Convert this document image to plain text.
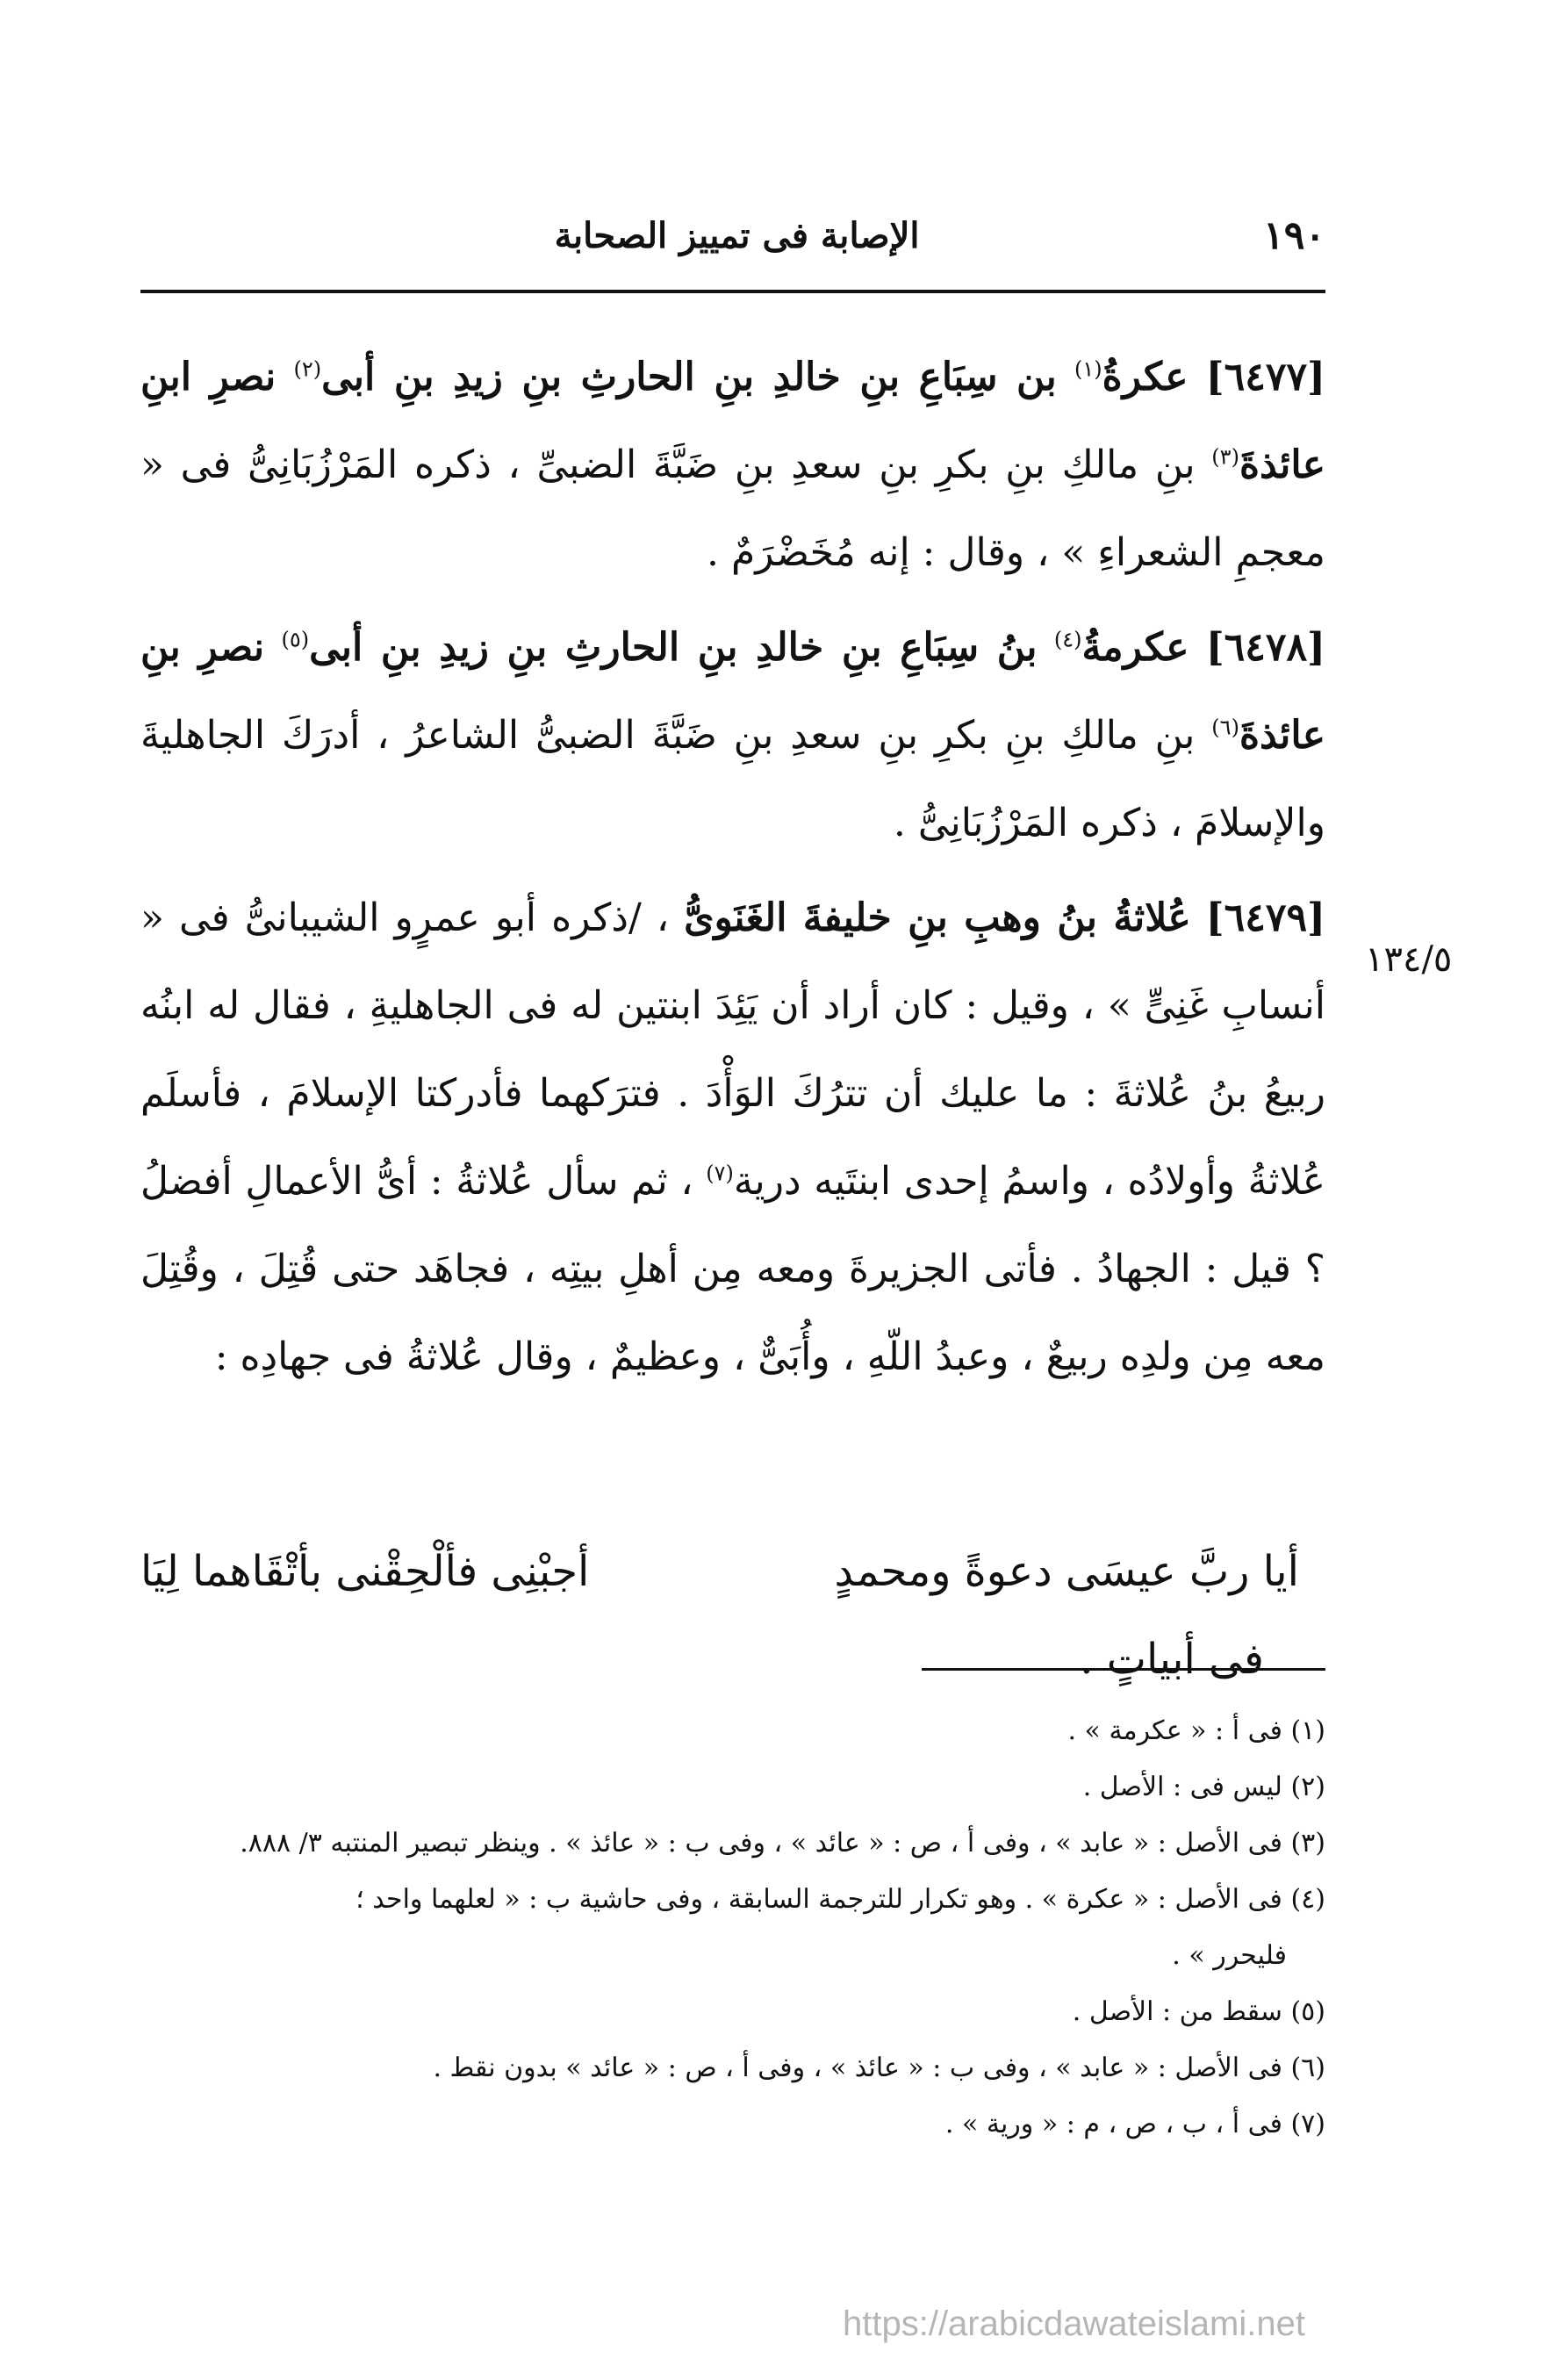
١٩٠
الإصابة فى تمييز الصحابة

[٦٤٧٧] عكرةُ$^{(١)}$ بن سِبَاعِ بنِ خالدِ بنِ الحارثِ بنِ زيدِ بنِ أبى$^{(٢)}$ نصرِ ابنِ عائذةَ$^{(٣)}$ بنِ مالكِ بنِ بكرِ بنِ سعدِ بنِ ضَبَّةَ الضبىِّ ، ذكره المَرْزُبَانِىُّ فى « معجمِ الشعراءِ » ، وقال : إنه مُخَضْرَمٌ .

[٦٤٧٨] عكرمةُ$^{(٤)}$ بنُ سِبَاعِ بنِ خالدِ بنِ الحارثِ بنِ زيدِ بنِ أبى$^{(٥)}$ نصرِ بنِ عائذةَ$^{(٦)}$ بنِ مالكِ بنِ بكرِ بنِ سعدِ بنِ ضَبَّةَ الضبىُّ الشاعرُ ، أدرَكَ الجاهليةَ والإسلامَ ، ذكره المَرْزُبَانِىُّ .

[٦٤٧٩] عُلاثةُ بنُ وهبِ بنِ خليفةَ الغَنَوىُّ ، /ذكره أبو عمرٍو الشيبانىُّ فى « أنسابِ غَنِىٍّ » ، وقيل : كان أراد أن يَئِدَ ابنتين له فى الجاهليةِ ، فقال له ابنُه ربيعُ بنُ عُلاثةَ : ما عليك أن تترُكَ الوَأْدَ . فترَكهما فأدركتا الإسلامَ ، فأسلَم عُلاثةُ وأولادُه ، واسمُ إحدى ابنتَيه درية$^{(٧)}$ ، ثم سأل عُلاثةُ : أىُّ الأعمالِ أفضلُ ؟ قيل : الجهادُ . فأتى الجزيرةَ ومعه مِن أهلِ بيتِه ، فجاهَد حتى قُتِلَ ، وقُتِلَ معه مِن ولدِه ربيعٌ ، وعبدُ اللّهِ ، وأُبَىٌّ ، وعظيمٌ ، وقال عُلاثةُ فى جهادِه :

١٣٤/٥
أيا ربَّ عيسَى دعوةً ومحمدٍ
أجبْنِى فألْحِقْنى بأتْقَاهما لِيَا
فى أبياتٍ .

(١) فى أ : « عكرمة » .

(٢) ليس فى : الأصل .

(٣) فى الأصل : « عابد » ، وفى أ ، ص : « عائد » ، وفى ب : « عائذ » . وينظر تبصير المنتبه ٣/ ٨٨٨.

(٤) فى الأصل : « عكرة » . وهو تكرار للترجمة السابقة ، وفى حاشية ب : « لعلهما واحد ؛

فليحرر » .

(٥) سقط من : الأصل .

(٦) فى الأصل : « عابد » ، وفى ب : « عائذ » ، وفى أ ، ص : « عائد » بدون نقط .

(٧) فى أ ، ب ، ص ، م : « ورية » .

https://arabicdawateislami.net
